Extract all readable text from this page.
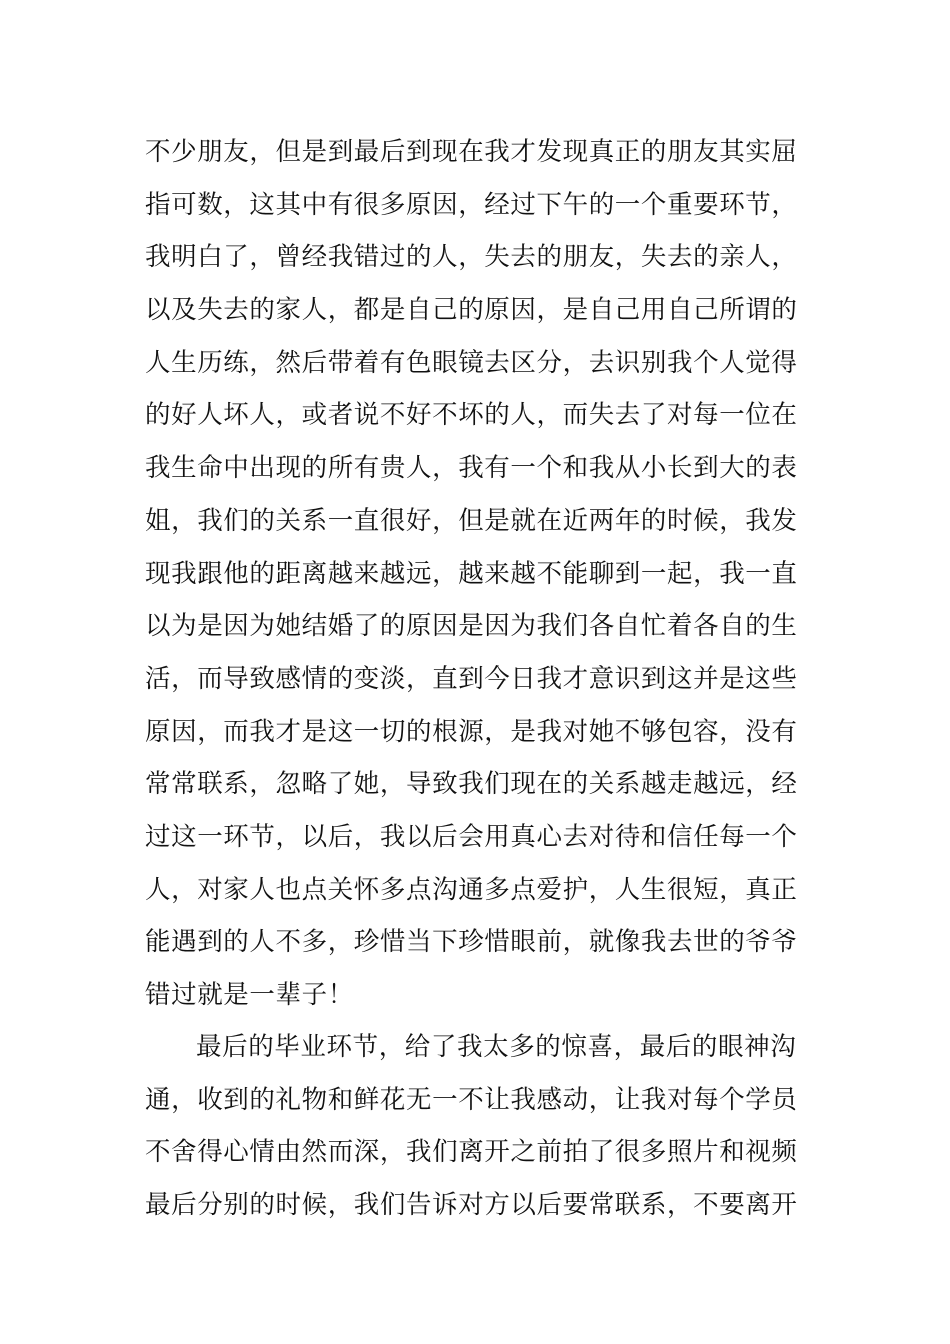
不少朋友，但是到最后到现在我才发现真正的朋友其实屈
指可数，这其中有很多原因，经过下午的一个重要环节，
我明白了，曾经我错过的人，失去的朋友，失去的亲人，
以及失去的家人，都是自己的原因，是自己用自己所谓的
人生历练，然后带着有色眼镜去区分，去识别我个人觉得
的好人坏人，或者说不好不坏的人，而失去了对每一位在
我生命中出现的所有贵人，我有一个和我从小长到大的表
姐，我们的关系一直很好，但是就在近两年的时候，我发
现我跟他的距离越来越远，越来越不能聊到一起，我一直
以为是因为她结婚了的原因是因为我们各自忙着各自的生
活，而导致感情的变淡，直到今日我才意识到这并是这些
原因，而我才是这一切的根源，是我对她不够包容，没有
常常联系，忽略了她，导致我们现在的关系越走越远，经
过这一环节，以后，我以后会用真心去对待和信任每一个
人，对家人也点关怀多点沟通多点爱护，人生很短，真正
能遇到的人不多，珍惜当下珍惜眼前，就像我去世的爷爷
错过就是一辈子！
最后的毕业环节，给了我太多的惊喜，最后的眼神沟
通，收到的礼物和鲜花无一不让我感动，让我对每个学员
不舍得心情由然而深，我们离开之前拍了很多照片和视频
最后分别的时候，我们告诉对方以后要常联系，不要离开
